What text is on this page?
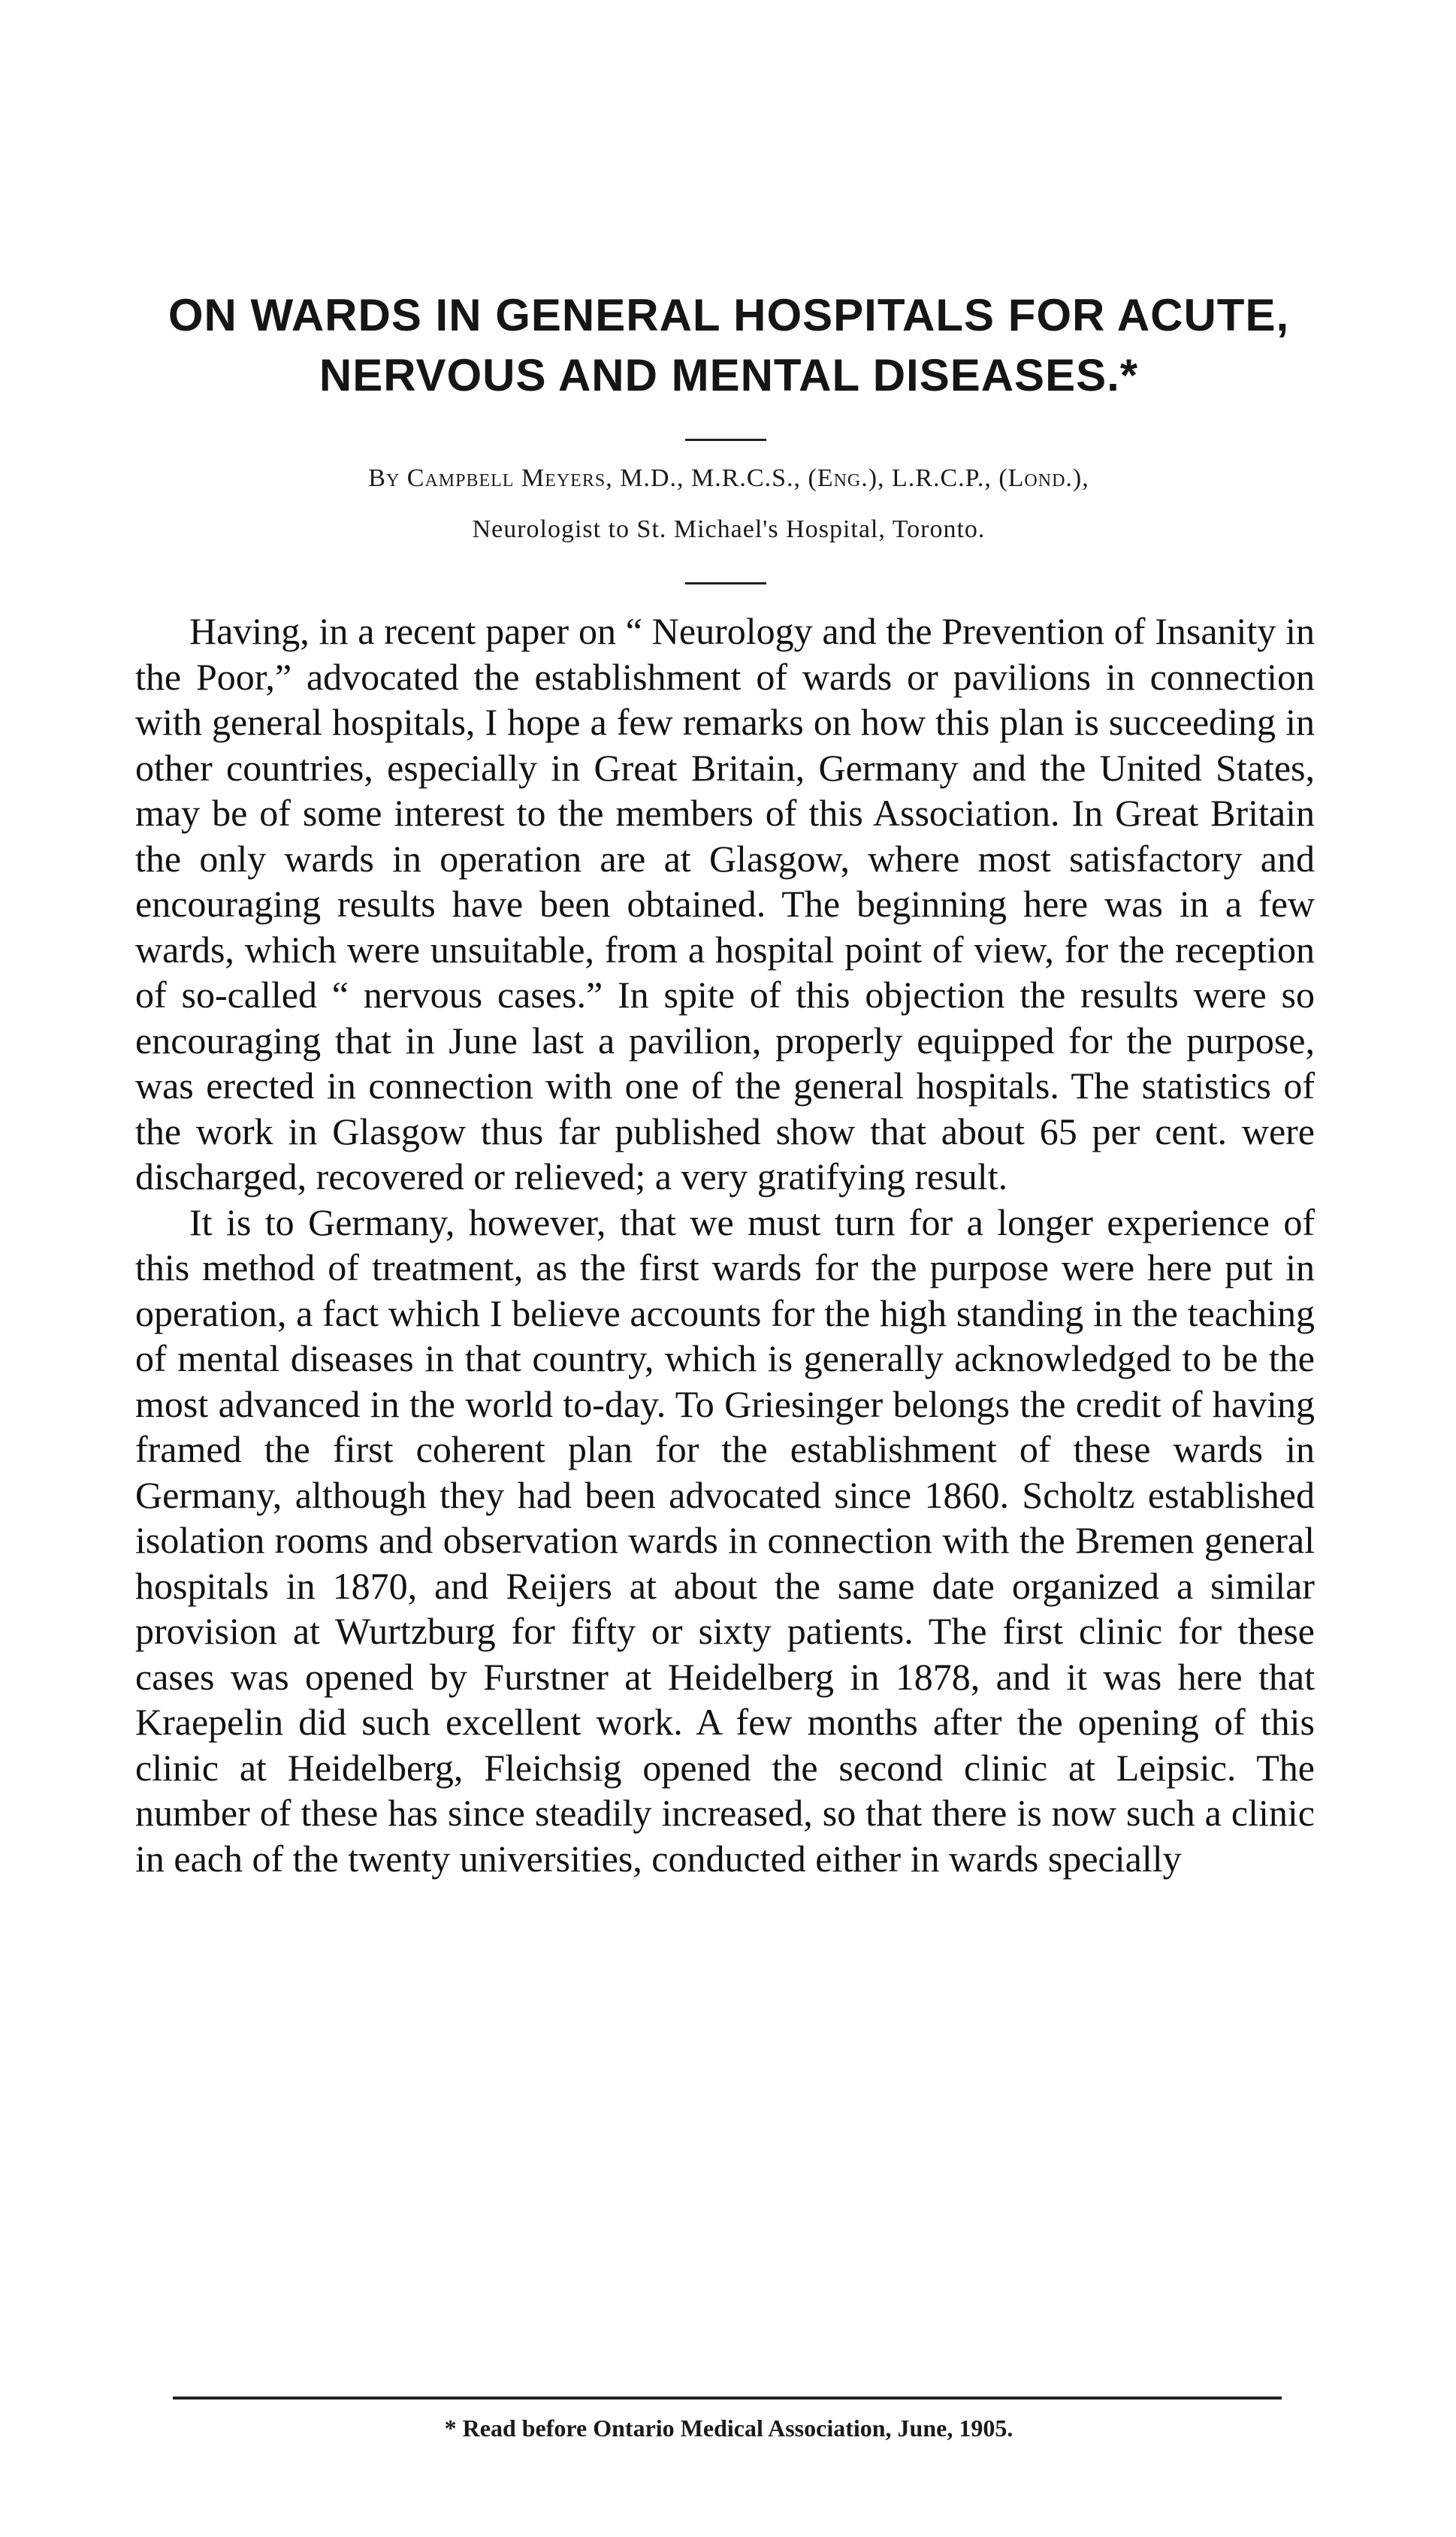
ON WARDS IN GENERAL HOSPITALS FOR ACUTE,
NERVOUS AND MENTAL DISEASES.*
By Campbell Meyers, M.D., M.R.C.S., (Eng.), L.R.C.P., (Lond.),
Neurologist to St. Michael's Hospital, Toronto.

Having, in a recent paper on “ Neurology and the Prevention of Insanity in the Poor,” advocated the establishment of wards or pavilions in connection with general hospitals, I hope a few remarks on how this plan is succeeding in other countries, especially in Great Britain, Germany and the United States, may be of some interest to the members of this Association. In Great Britain the only wards in operation are at Glasgow, where most satisfactory and encouraging results have been obtained. The beginning here was in a few wards, which were unsuitable, from a hospital point of view, for the reception of so-called “ nervous cases.” In spite of this objection the results were so encouraging that in June last a pavilion, properly equipped for the purpose, was erected in connection with one of the general hospitals. The statistics of the work in Glasgow thus far published show that about 65 per cent. were discharged, recovered or relieved; a very gratifying result.

It is to Germany, however, that we must turn for a longer experience of this method of treatment, as the first wards for the purpose were here put in operation, a fact which I believe accounts for the high standing in the teaching of mental diseases in that country, which is generally acknowledged to be the most advanced in the world to-day. To Griesinger belongs the credit of having framed the first coherent plan for the establishment of these wards in Germany, although they had been advocated since 1860. Scholtz established isolation rooms and observation wards in connection with the Bremen general hospitals in 1870, and Reijers at about the same date organized a similar provision at Wurtzburg for fifty or sixty patients. The first clinic for these cases was opened by Furstner at Heidelberg in 1878, and it was here that Kraepelin did such excellent work. A few months after the opening of this clinic at Heidelberg, Fleichsig opened the second clinic at Leipsic. The number of these has since steadily increased, so that there is now such a clinic in each of the twenty universities, conducted either in wards specially

* Read before Ontario Medical Association, June, 1905.
